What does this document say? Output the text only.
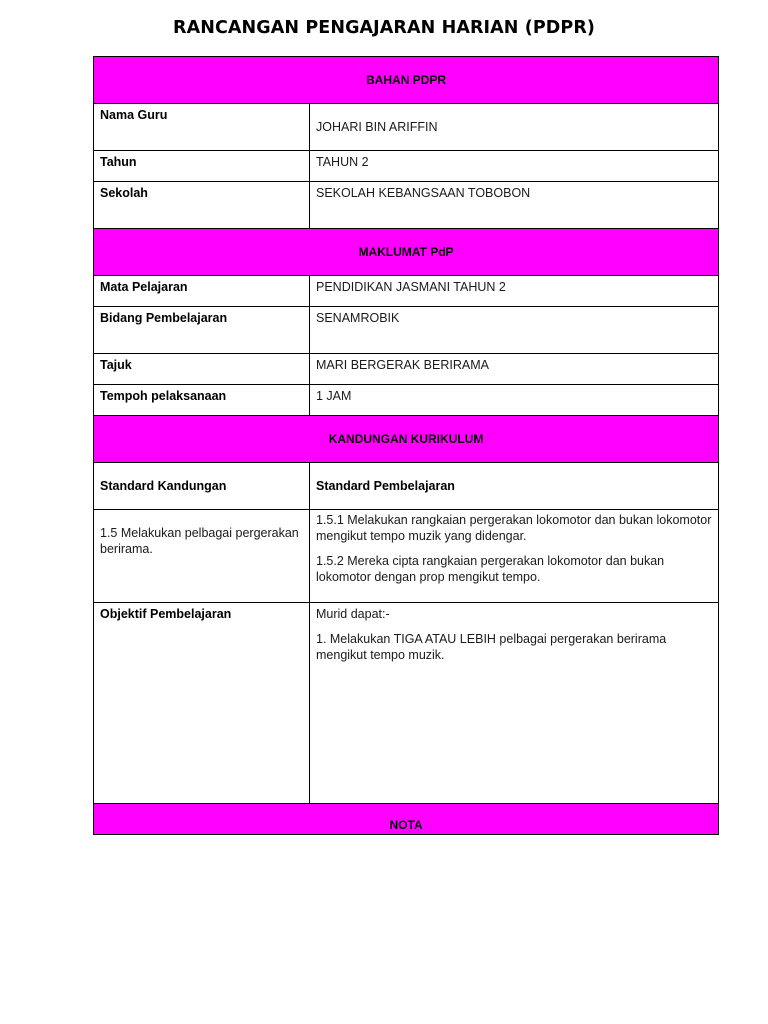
RANCANGAN PENGAJARAN HARIAN (PDPR)
BAHAN PDPR	
Nama Guru	JOHARI BIN ARIFFIN
Tahun	TAHUN 2
Sekolah	SEKOLAH KEBANGSAAN TOBOBON
MAKLUMAT PdP	
Mata Pelajaran	PENDIDIKAN JASMANI TAHUN 2
Bidang Pembelajaran	SENAMROBIK
Tajuk	MARI BERGERAK BERIRAMA
Tempoh pelaksanaan	1 JAM
KANDUNGAN KURIKULUM	
Standard Kandungan	Standard Pembelajaran
1.5 Melakukan pelbagai pergerakan berirama.	1.5.1 Melakukan rangkaian pergerakan lokomotor dan bukan lokomotor mengikut tempo muzik yang didengar.

1.5.2 Mereka cipta rangkaian pergerakan lokomotor dan bukan lokomotor dengan prop mengikut tempo.

Objektif Pembelajaran	Murid dapat:-

1. Melakukan TIGA ATAU LEBIH pelbagai pergerakan berirama mengikut tempo muzik.

NOTA	
